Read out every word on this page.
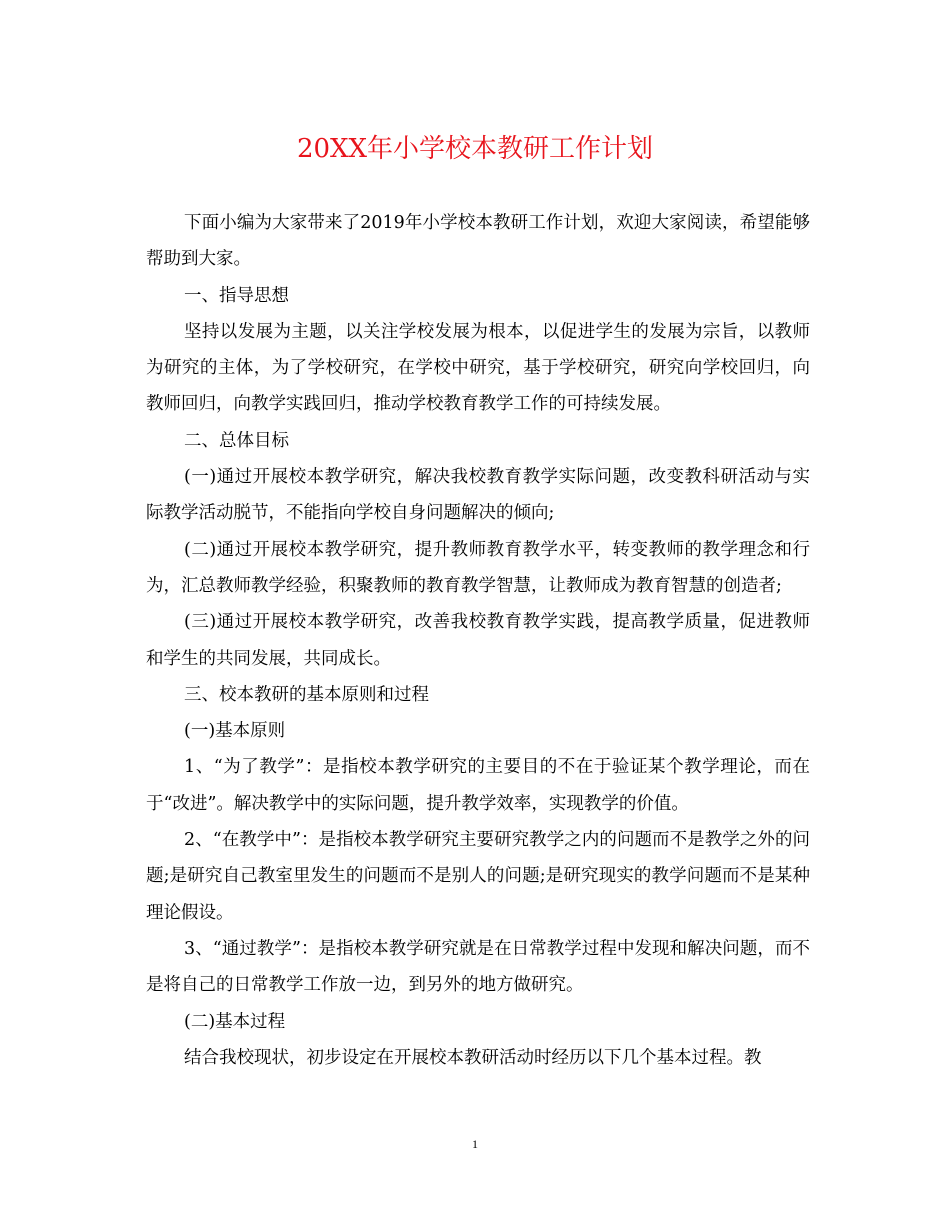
20XX年小学校本教研工作计划

下面小编为大家带来了2019年小学校本教研工作计划，欢迎大家阅读，希望能够帮助到大家。

一、指导思想

坚持以发展为主题，以关注学校发展为根本，以促进学生的发展为宗旨，以教师为研究的主体，为了学校研究，在学校中研究，基于学校研究，研究向学校回归，向教师回归，向教学实践回归，推动学校教育教学工作的可持续发展。

二、总体目标

(一)通过开展校本教学研究，解决我校教育教学实际问题，改变教科研活动与实际教学活动脱节，不能指向学校自身问题解决的倾向;

(二)通过开展校本教学研究，提升教师教育教学水平，转变教师的教学理念和行为，汇总教师教学经验，积聚教师的教育教学智慧，让教师成为教育智慧的创造者;

(三)通过开展校本教学研究，改善我校教育教学实践，提高教学质量，促进教师和学生的共同发展，共同成长。

三、校本教研的基本原则和过程

(一)基本原则

1、“为了教学”：是指校本教学研究的主要目的不在于验证某个教学理论，而在于“改进”。解决教学中的实际问题，提升教学效率，实现教学的价值。

2、“在教学中”：是指校本教学研究主要研究教学之内的问题而不是教学之外的问题;是研究自己教室里发生的问题而不是别人的问题;是研究现实的教学问题而不是某种理论假设。

3、“通过教学”：是指校本教学研究就是在日常教学过程中发现和解决问题，而不是将自己的日常教学工作放一边，到另外的地方做研究。

(二)基本过程

结合我校现状，初步设定在开展校本教研活动时经历以下几个基本过程。教

1
